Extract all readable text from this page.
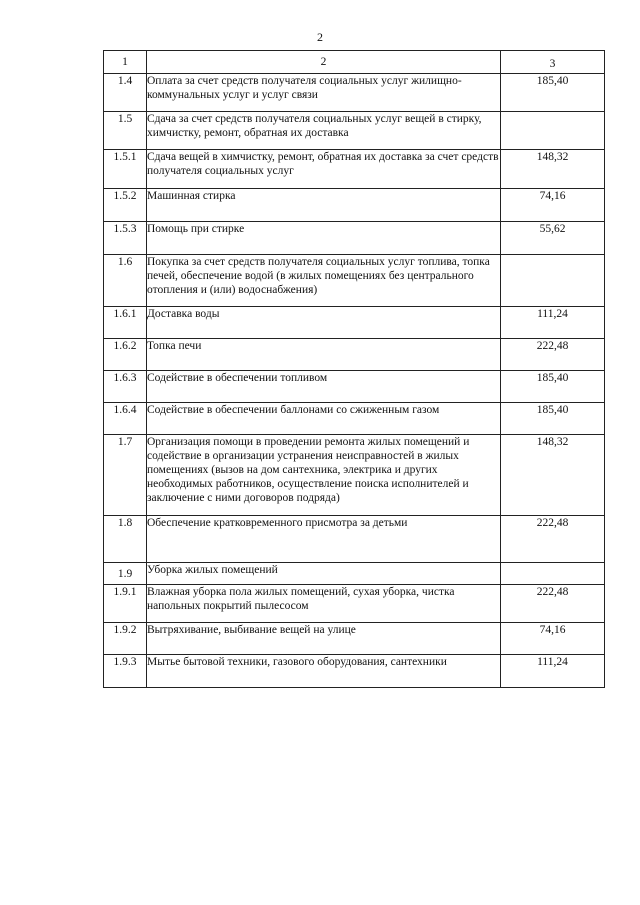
2
1	2	3

1.4	Оплата за счет средств получателя социальных услуг жилищно-коммунальных услуг и услуг связи	185,40
1.5	Сдача за счет средств получателя социальных услуг вещей в стирку, химчистку, ремонт, обратная их доставка	
1.5.1	Сдача вещей в химчистку, ремонт, обратная их доставка за счет средств получателя социальных услуг	148,32
1.5.2	Машинная стирка	74,16
1.5.3	Помощь при стирке	55,62
1.6	Покупка за счет средств получателя социальных услуг топлива, топка печей, обеспечение водой (в жилых помещениях без центрального отопления и (или) водоснабжения)	
1.6.1	Доставка воды	111,24
1.6.2	Топка печи	222,48
1.6.3	Содействие в обеспечении топливом	185,40
1.6.4	Содействие в обеспечении баллонами со сжиженным газом	185,40
1.7	Организация помощи в проведении ремонта жилых помещений и содействие в организации устранения неисправностей в жилых помещениях (вызов на дом сантехника, электрика и других необходимых работников, осуществление поиска исполнителей и заключение с ними договоров подряда)	148,32
1.8	Обеспечение кратковременного присмотра за детьми	222,48
1.9	Уборка жилых помещений	
1.9.1	Влажная уборка пола жилых помещений, сухая уборка, чистка напольных покрытий пылесосом	222,48
1.9.2	Вытряхивание, выбивание вещей на улице	74,16
1.9.3	Мытье бытовой техники, газового оборудования, сантехники	111,24
